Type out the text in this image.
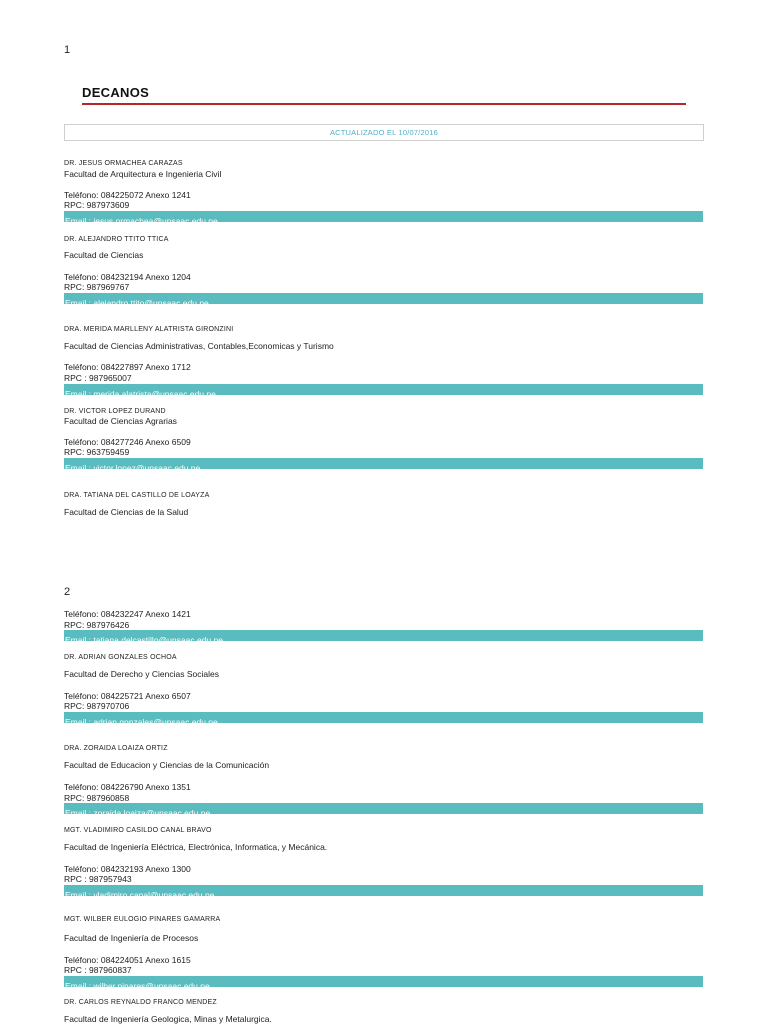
1
DECANOS
ACTUALIZADO EL 10/07/2016
DR. JESUS ORMACHEA CARAZAS
Facultad de Arquitectura e Ingenieria Civil
Teléfono: 084225072 Anexo 1241
RPC: 987973609
Email : jesus.ormachea@unsaac.edu.pe
DR. ALEJANDRO TTITO TTICA
Facultad de Ciencias
Teléfono: 084232194 Anexo 1204
RPC: 987969767
Email : alejandro.ttito@unsaac.edu.pe
DRA. MERIDA MARLLENY ALATRISTA GIRONZINI
Facultad de Ciencias Administrativas, Contables,Economicas y Turismo
Teléfono: 084227897 Anexo 1712
RPC : 987965007
Email : merida.alatrista@unsaac.edu.pe
DR. VICTOR LOPEZ DURAND
Facultad de Ciencias Agrarias
Teléfono: 084277246 Anexo 6509
RPC: 963759459
Email : victor.lopez@unsaac.edu.pe
DRA. TATIANA DEL CASTILLO DE LOAYZA
Facultad de Ciencias de la Salud
2
Teléfono: 084232247 Anexo 1421
RPC: 987976426
Email : tatiana.delcastillo@unsaac.edu.pe
DR. ADRIAN GONZALES OCHOA
Facultad de Derecho y Ciencias Sociales
Teléfono: 084225721 Anexo 6507
RPC: 987970706
Email : adrian.gonzales@unsaac.edu.pe
DRA. ZORAIDA LOAIZA ORTIZ
Facultad de Educacion y Ciencias de la Comunicación
Teléfono: 084226790 Anexo 1351
RPC: 987960858
Email : zoraida.loaiza@unsaac.edu.pe
MGT. VLADIMIRO CASILDO CANAL BRAVO
Facultad de Ingeniería Eléctrica, Electrónica, Informatica, y Mecánica.
Teléfono: 084232193 Anexo 1300
RPC : 987957943
Email : vladimiro.canal@unsaac.edu.pe
MGT. WILBER EULOGIO PINARES GAMARRA
Facultad de Ingeniería de Procesos
Teléfono: 084224051 Anexo 1615
RPC : 987960837
Email : wilber.pinares@unsaac.edu.pe
DR. CARLOS REYNALDO FRANCO MENDEZ
Facultad de Ingeniería Geologica, Minas y Metalurgica.
